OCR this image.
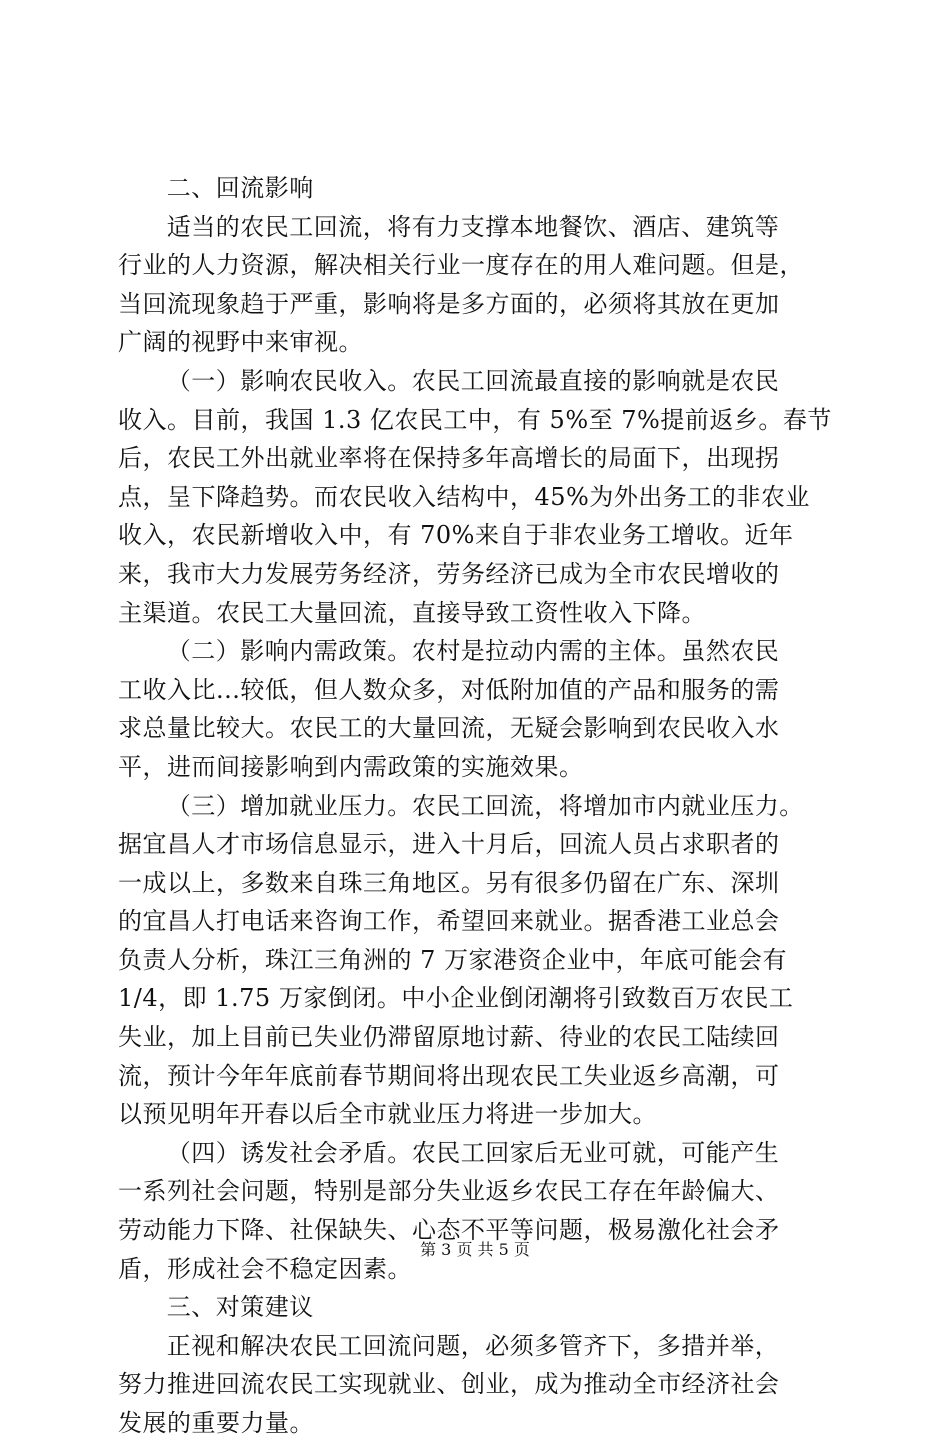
二、回流影响
适当的农民工回流，将有力支撑本地餐饮、酒店、建筑等
行业的人力资源，解决相关行业一度存在的用人难问题。但是，
当回流现象趋于严重，影响将是多方面的，必须将其放在更加
广阔的视野中来审视。
（一）影响农民收入。农民工回流最直接的影响就是农民
收入。目前，我国 1.3 亿农民工中，有 5%至 7%提前返乡。春节
后，农民工外出就业率将在保持多年高增长的局面下，出现拐
点，呈下降趋势。而农民收入结构中，45%为外出务工的非农业
收入，农民新增收入中，有 70%来自于非农业务工增收。近年
来，我市大力发展劳务经济，劳务经济已成为全市农民增收的
主渠道。农民工大量回流，直接导致工资性收入下降。
（二）影响内需政策。农村是拉动内需的主体。虽然农民
工收入比...较低，但人数众多，对低附加值的产品和服务的需
求总量比较大。农民工的大量回流，无疑会影响到农民收入水
平，进而间接影响到内需政策的实施效果。
（三）增加就业压力。农民工回流，将增加市内就业压力。
据宜昌人才市场信息显示，进入十月后，回流人员占求职者的
一成以上，多数来自珠三角地区。另有很多仍留在广东、深圳
的宜昌人打电话来咨询工作，希望回来就业。据香港工业总会
负责人分析，珠江三角洲的 7 万家港资企业中，年底可能会有
1/4，即 1.75 万家倒闭。中小企业倒闭潮将引致数百万农民工
失业，加上目前已失业仍滞留原地讨薪、待业的农民工陆续回
流，预计今年年底前春节期间将出现农民工失业返乡高潮，可
以预见明年开春以后全市就业压力将进一步加大。
（四）诱发社会矛盾。农民工回家后无业可就，可能产生
一系列社会问题，特别是部分失业返乡农民工存在年龄偏大、
劳动能力下降、社保缺失、心态不平等问题，极易激化社会矛
盾，形成社会不稳定因素。
三、对策建议
正视和解决农民工回流问题，必须多管齐下，多措并举，
努力推进回流农民工实现就业、创业，成为推动全市经济社会
发展的重要力量。
第 3 页 共 5 页
